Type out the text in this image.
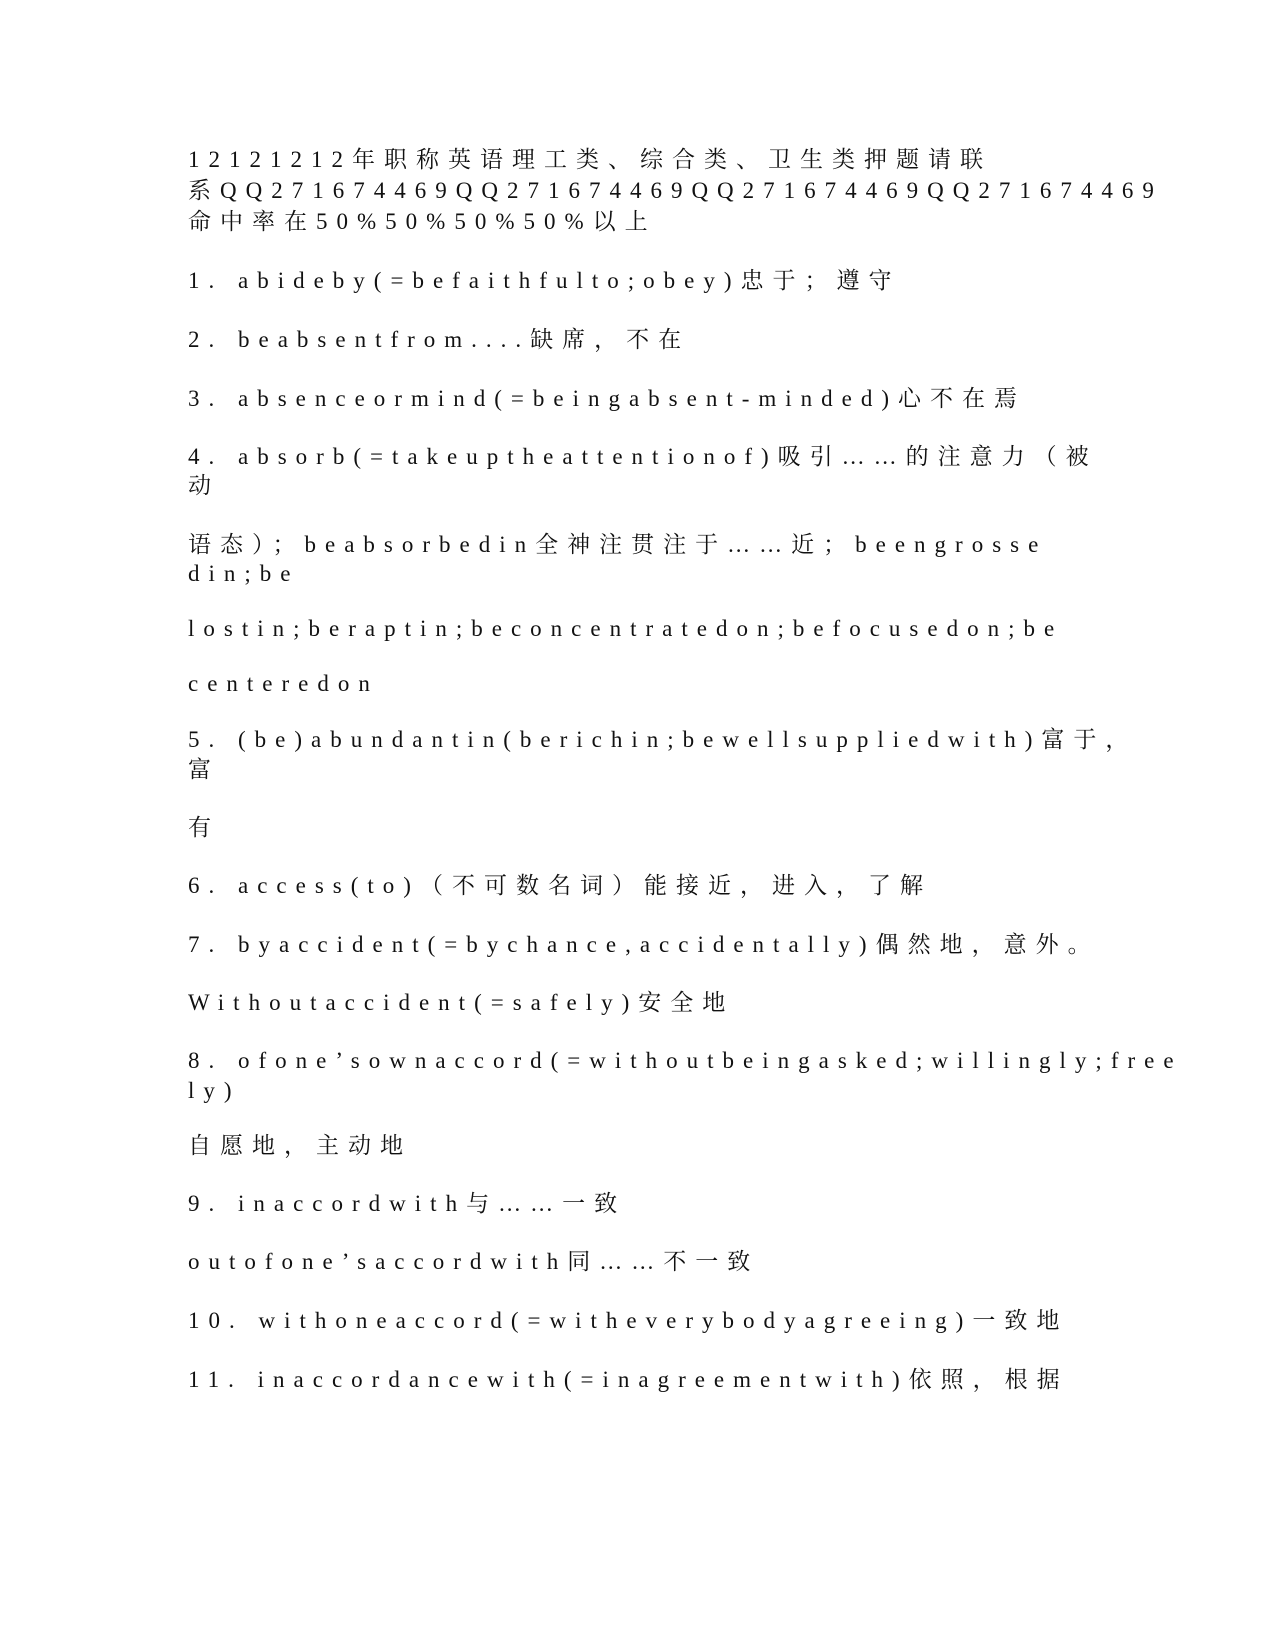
12121212年职称英语理工类、综合类、卫生类押题请联
系QQ271674469QQ271674469QQ271674469QQ271674469
命中率在50%50%50%50%以上
1. abideby(=befaithfulto;obey)忠于；遵守
2. beabsentfrom....缺席，不在
3. absenceormind(=beingabsent-minded)心不在焉
4. absorb(=takeuptheattentionof)吸引……的注意力（被
动
语态）；beabsorbedin全神注贯注于……近；beengrosse
din;be
lostin;beraptin;beconcentratedon;befocusedon;be
centeredon
5. (be)abundantin(berichin;bewellsuppliedwith)富于，
富
有
6. access(to)（不可数名词）能接近，进入，了解
7. byaccident(=bychance,accidentally)偶然地，意外。
Withoutaccident(=safely)安全地
8. ofone’sownaccord(=withoutbeingasked;willingly;free
ly)
自愿地，主动地
9. inaccordwith与……一致
outofone’saccordwith同……不一致
10. withoneaccord(=witheverybodyagreeing)一致地
11. inaccordancewith(=inagreementwith)依照，根据
